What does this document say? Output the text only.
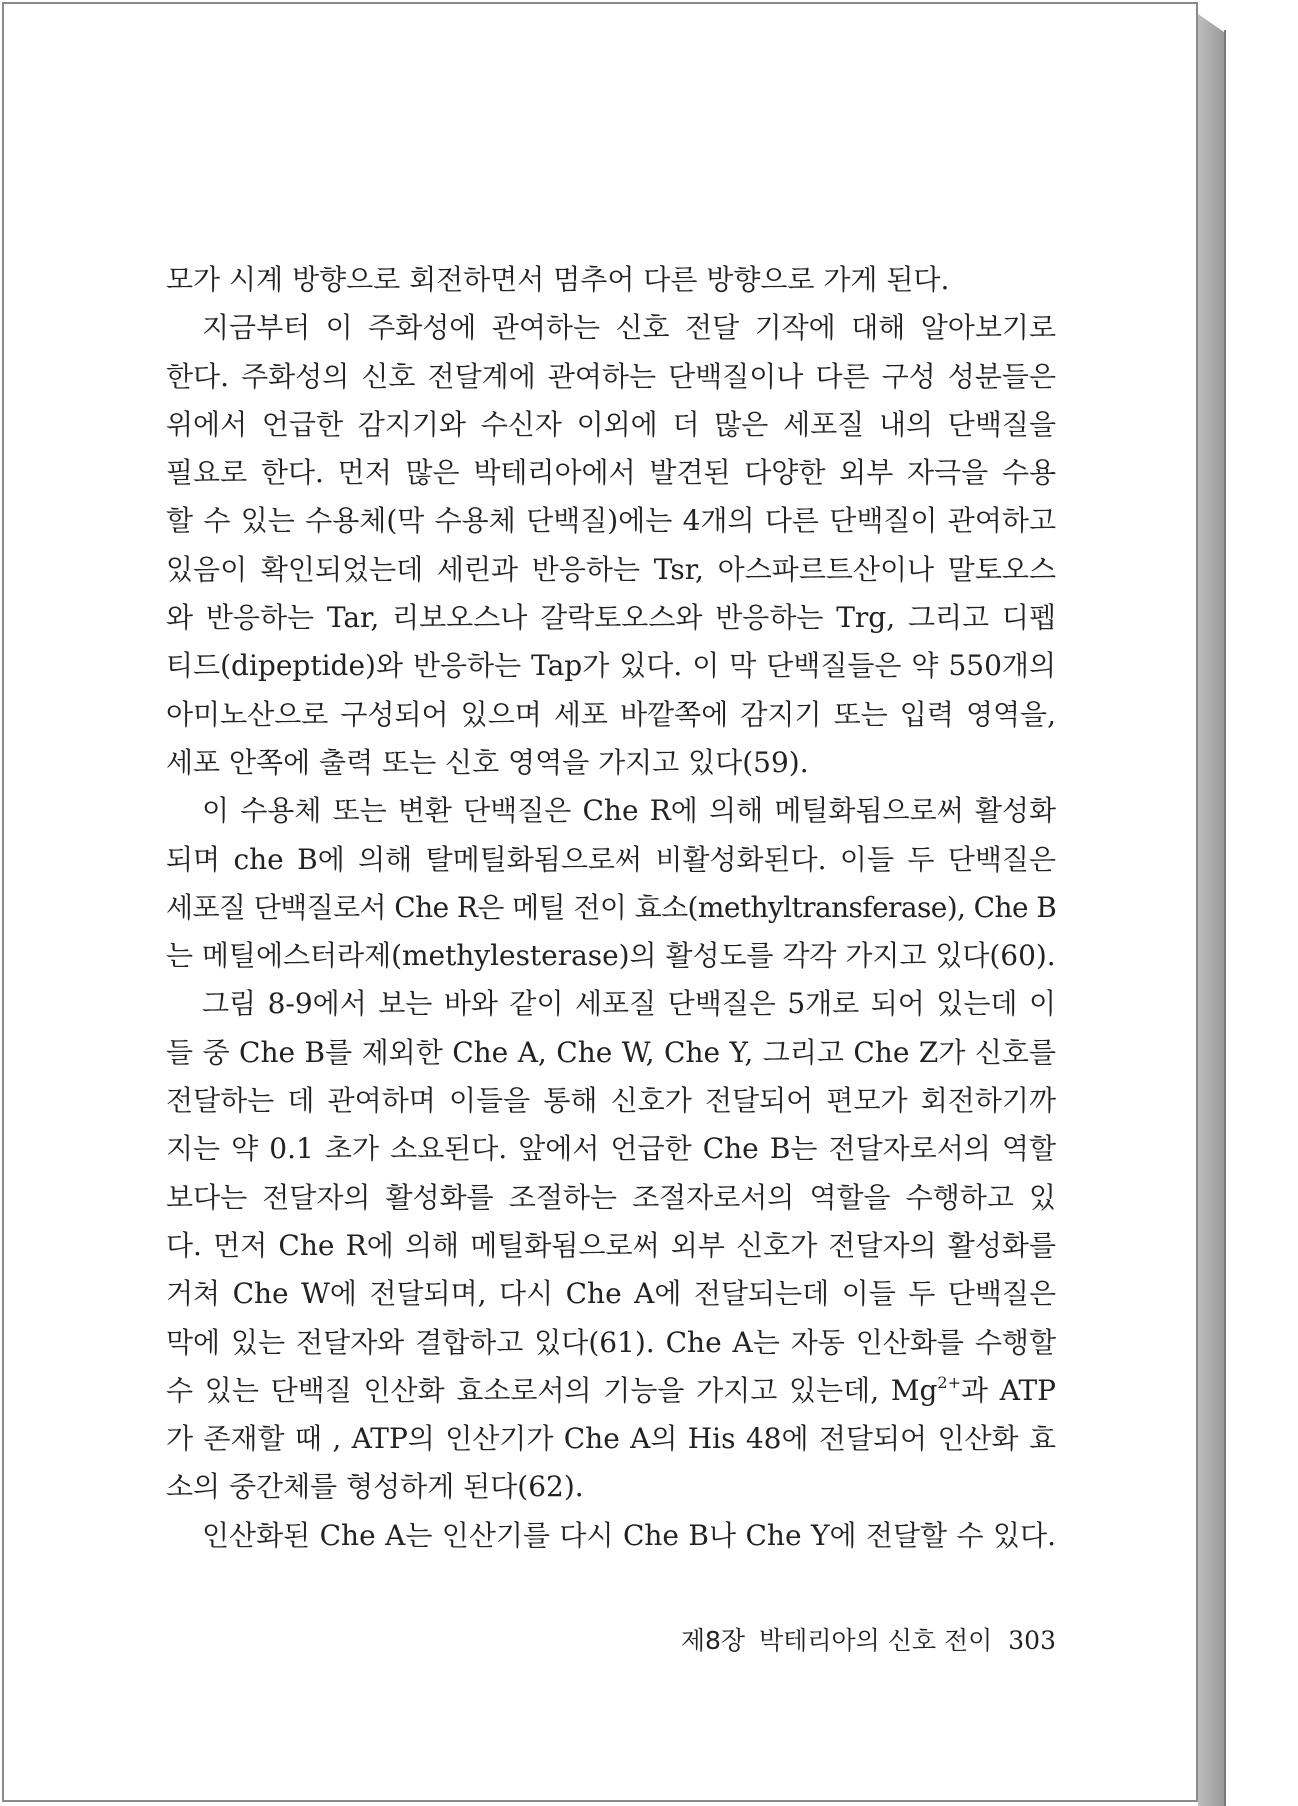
모가 시계 방향으로 회전하면서 멈추어 다른 방향으로 가게 된다.
지금부터 이 주화성에 관여하는 신호 전달 기작에 대해 알아보기로
한다. 주화성의 신호 전달계에 관여하는 단백질이나 다른 구성 성분들은
위에서 언급한 감지기와 수신자 이외에 더 많은 세포질 내의 단백질을
필요로 한다. 먼저 많은 박테리아에서 발견된 다양한 외부 자극을 수용
할 수 있는 수용체(막 수용체 단백질)에는 4개의 다른 단백질이 관여하고
있음이 확인되었는데 세린과 반응하는 Tsr, 아스파르트산이나 말토오스
와 반응하는 Tar, 리보오스나 갈락토오스와 반응하는 Trg, 그리고 디펩
티드(dipeptide)와 반응하는 Tap가 있다. 이 막 단백질들은 약 550개의
아미노산으로 구성되어 있으며 세포 바깥쪽에 감지기 또는 입력 영역을,
세포 안쪽에 출력 또는 신호 영역을 가지고 있다(59).
이 수용체 또는 변환 단백질은 Che R에 의해 메틸화됨으로써 활성화
되며 che B에 의해 탈메틸화됨으로써 비활성화된다. 이들 두 단백질은
세포질 단백질로서 Che R은 메틸 전이 효소(methyltransferase), Che B
는 메틸에스터라제(methylesterase)의 활성도를 각각 가지고 있다(60).
그림 8-9에서 보는 바와 같이 세포질 단백질은 5개로 되어 있는데 이
들 중 Che B를 제외한 Che A, Che W, Che Y, 그리고 Che Z가 신호를
전달하는 데 관여하며 이들을 통해 신호가 전달되어 편모가 회전하기까
지는 약 0.1 초가 소요된다. 앞에서 언급한 Che B는 전달자로서의 역할
보다는 전달자의 활성화를 조절하는 조절자로서의 역할을 수행하고 있
다. 먼저 Che R에 의해 메틸화됨으로써 외부 신호가 전달자의 활성화를
거쳐 Che W에 전달되며, 다시 Che A에 전달되는데 이들 두 단백질은
막에 있는 전달자와 결합하고 있다(61). Che A는 자동 인산화를 수행할
수 있는 단백질 인산화 효소로서의 기능을 가지고 있는데, $Mg^{2+}$과 ATP
가 존재할 때 , ATP의 인산기가 Che A의 His 48에 전달되어 인산화 효
소의 중간체를 형성하게 된다(62).
인산화된 Che A는 인산기를 다시 Che B나 Che Y에 전달할 수 있다.
제8장 박테리아의 신호 전이 303
